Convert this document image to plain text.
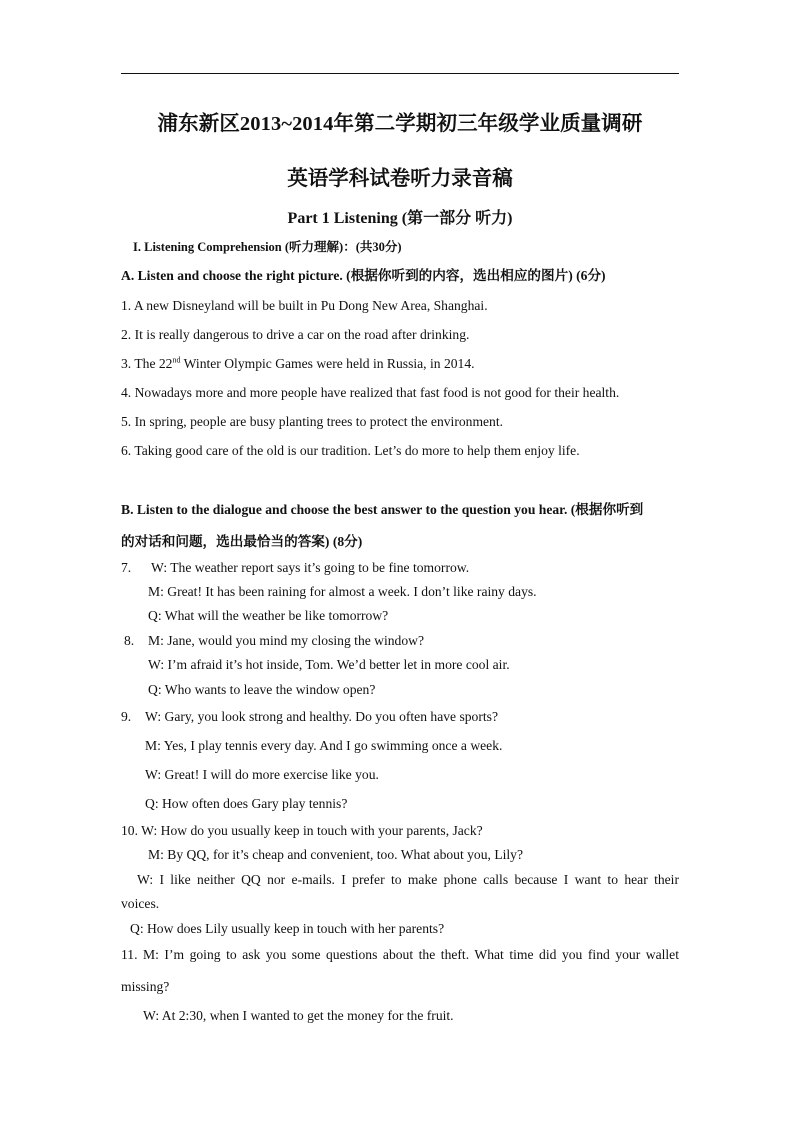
浦东新区2013~2014年第二学期初三年级学业质量调研
英语学科试卷听力录音稿
Part 1 Listening (第一部分 听力)
I. Listening Comprehension (听力理解)：(共30分)
A. Listen and choose the right picture. (根据你听到的内容，选出相应的图片) (6分)
1. A new Disneyland will be built in Pu Dong New Area, Shanghai.
2. It is really dangerous to drive a car on the road after drinking.
3. The 22nd Winter Olympic Games were held in Russia, in 2014.
4. Nowadays more and more people have realized that fast food is not good for their health.
5. In spring, people are busy planting trees to protect the environment.
6. Taking good care of the old is our tradition. Let’s do more to help them enjoy life.
B. Listen to the dialogue and choose the best answer to the question you hear. (根据你听到
的对话和问题，选出最恰当的答案) (8分)
7. W: The weather report says it’s going to be fine tomorrow.
M: Great! It has been raining for almost a week. I don’t like rainy days.
Q: What will the weather be like tomorrow?
8. M: Jane, would you mind my closing the window?
W: I’m afraid it’s hot inside, Tom. We’d better let in more cool air.
Q: Who wants to leave the window open?
9. W: Gary, you look strong and healthy. Do you often have sports?
M: Yes, I play tennis every day. And I go swimming once a week.
W: Great! I will do more exercise like you.
Q: How often does Gary play tennis?
10. W: How do you usually keep in touch with your parents, Jack?
M: By QQ, for it’s cheap and convenient, too. What about you, Lily?
W: I like neither QQ nor e-mails. I prefer to make phone calls because I want to hear their
voices.
Q: How does Lily usually keep in touch with her parents?
11. M: I’m going to ask you some questions about the theft. What time did you find your wallet
missing?
W: At 2:30, when I wanted to get the money for the fruit.
